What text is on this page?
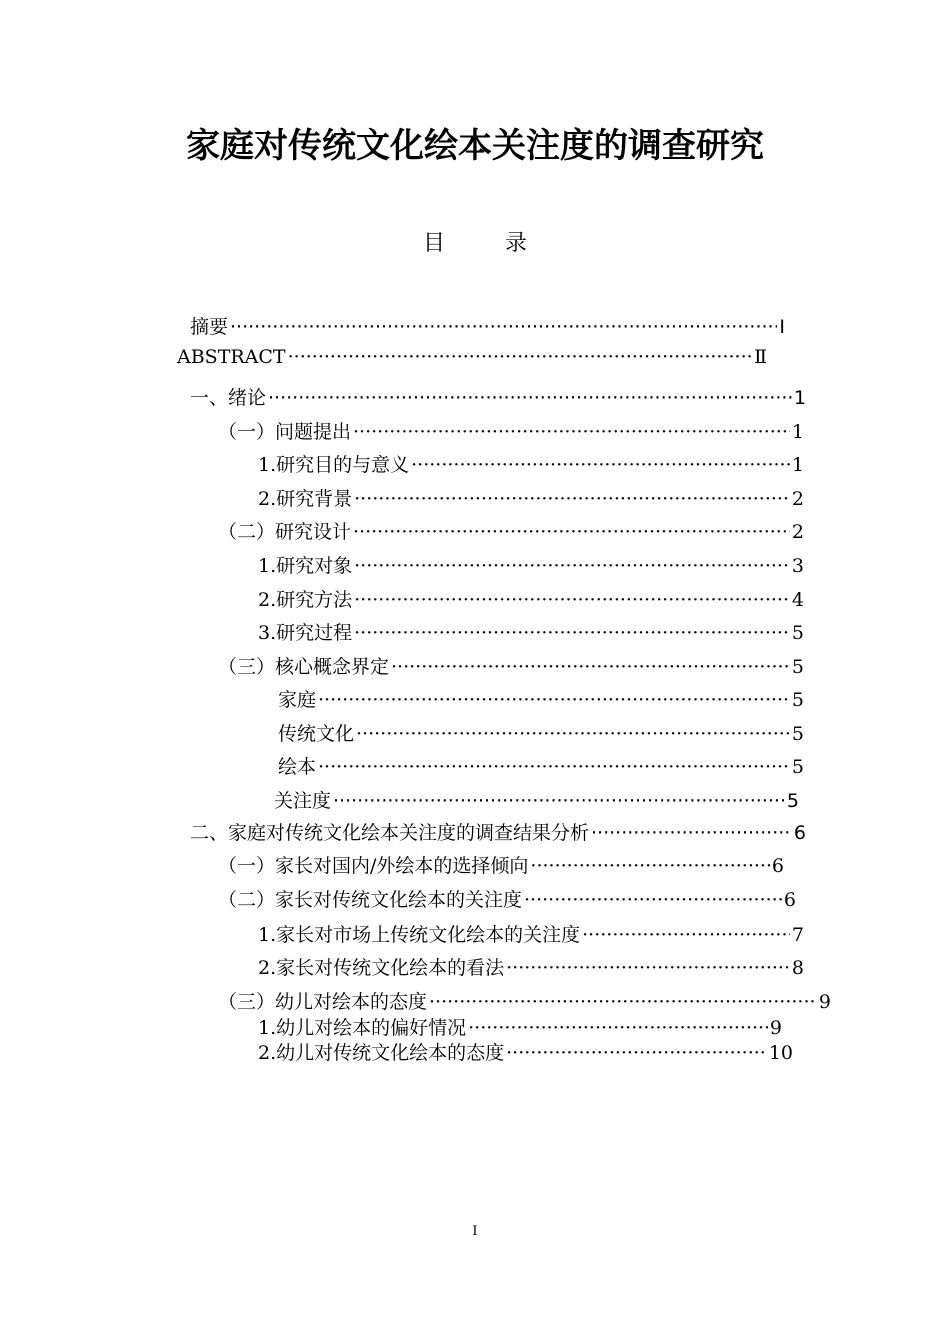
家庭对传统文化绘本关注度的调查研究
目	录
摘要 ·····	Ⅰ
ABSTRACT ·····	Ⅱ
一、绪论 ·····	1
（一）问题提出 ·····	1
1.研究目的与意义 ·····	1
2.研究背景 ·····	2
（二）研究设计 ·····	2
1.研究对象 ·····	3
2.研究方法 ·····	4
3.研究过程 ·····	5
（三）核心概念界定 ·····	5
家庭 ·····	5
传统文化 ·····	5
绘本 ·····	5
关注度 ·····	5
二、家庭对传统文化绘本关注度的调查结果分析 ·····	6
（一）家长对国内/外绘本的选择倾向 ·····	6
（二）家长对传统文化绘本的关注度 ·····	6
1.家长对市场上传统文化绘本的关注度 ·····	7
2.家长对传统文化绘本的看法 ·····	8
（三）幼儿对绘本的态度 ·····	9
1.幼儿对绘本的偏好情况 ·····	9
2.幼儿对传统文化绘本的态度 ·····	10
I
